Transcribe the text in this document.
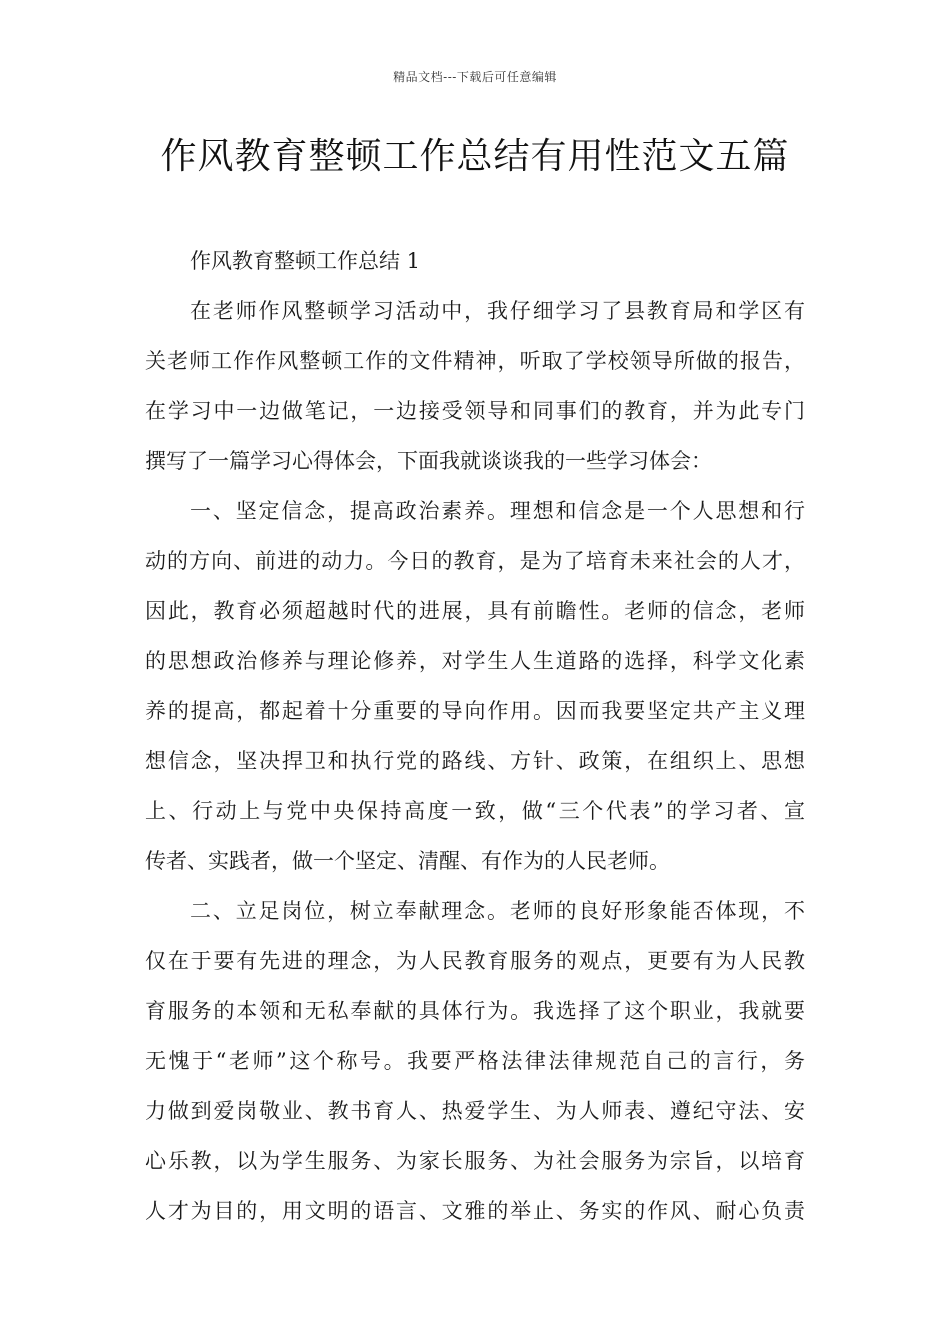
精品文档---下载后可任意编辑
作风教育整顿工作总结有用性范文五篇
作风教育整顿工作总结 1
在老师作风整顿学习活动中，我仔细学习了县教育局和学区有
关老师工作作风整顿工作的文件精神，听取了学校领导所做的报告，
在学习中一边做笔记，一边接受领导和同事们的教育，并为此专门
撰写了一篇学习心得体会，下面我就谈谈我的一些学习体会：
一、坚定信念，提高政治素养。理想和信念是一个人思想和行
动的方向、前进的动力。今日的教育，是为了培育未来社会的人才，
因此，教育必须超越时代的进展，具有前瞻性。老师的信念，老师
的思想政治修养与理论修养，对学生人生道路的选择，科学文化素
养的提高，都起着十分重要的导向作用。因而我要坚定共产主义理
想信念，坚决捍卫和执行党的路线、方针、政策，在组织上、思想
上、行动上与党中央保持高度一致，做“三个代表”的学习者、宣
传者、实践者，做一个坚定、清醒、有作为的人民老师。
二、立足岗位，树立奉献理念。老师的良好形象能否体现，不
仅在于要有先进的理念，为人民教育服务的观点，更要有为人民教
育服务的本领和无私奉献的具体行为。我选择了这个职业，我就要
无愧于“老师”这个称号。我要严格法律法律规范自己的言行，务
力做到爱岗敬业、教书育人、热爱学生、为人师表、遵纪守法、安
心乐教，以为学生服务、为家长服务、为社会服务为宗旨，以培育
人才为目的，用文明的语言、文雅的举止、务实的作风、耐心负责
